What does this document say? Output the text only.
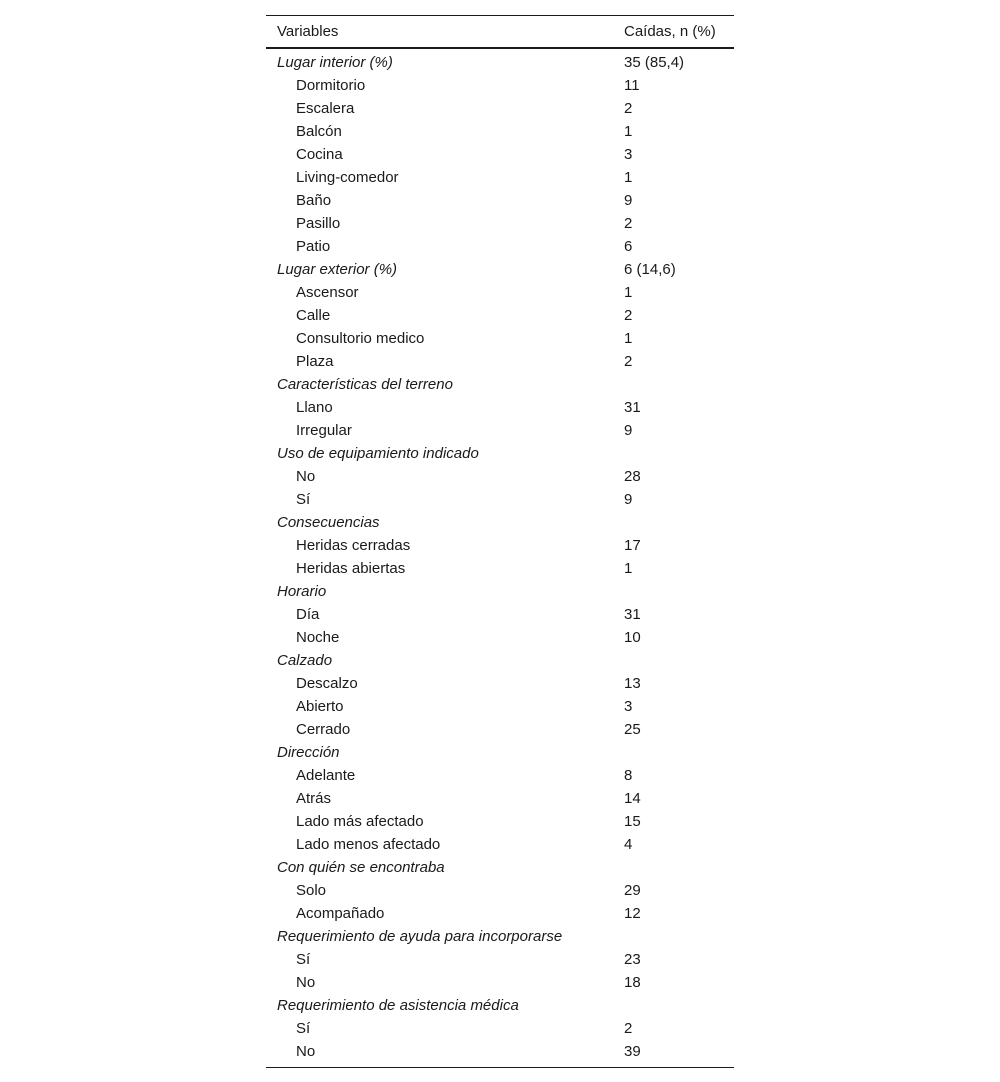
Variables	Caídas, n (%)
Lugar interior (%)	35 (85,4)
Dormitorio	11
Escalera	2
Balcón	1
Cocina	3
Living-comedor	1
Baño	9
Pasillo	2
Patio	6
Lugar exterior (%)	6 (14,6)
Ascensor	1
Calle	2
Consultorio medico	1
Plaza	2
Características del terreno	
Llano	31
Irregular	9
Uso de equipamiento indicado	
No	28
Sí	9
Consecuencias	
Heridas cerradas	17
Heridas abiertas	1
Horario	
Día	31
Noche	10
Calzado	
Descalzo	13
Abierto	3
Cerrado	25
Dirección	
Adelante	8
Atrás	14
Lado más afectado	15
Lado menos afectado	4
Con quién se encontraba	
Solo	29
Acompañado	12
Requerimiento de ayuda para incorporarse	
Sí	23
No	18
Requerimiento de asistencia médica	
Sí	2
No	39
